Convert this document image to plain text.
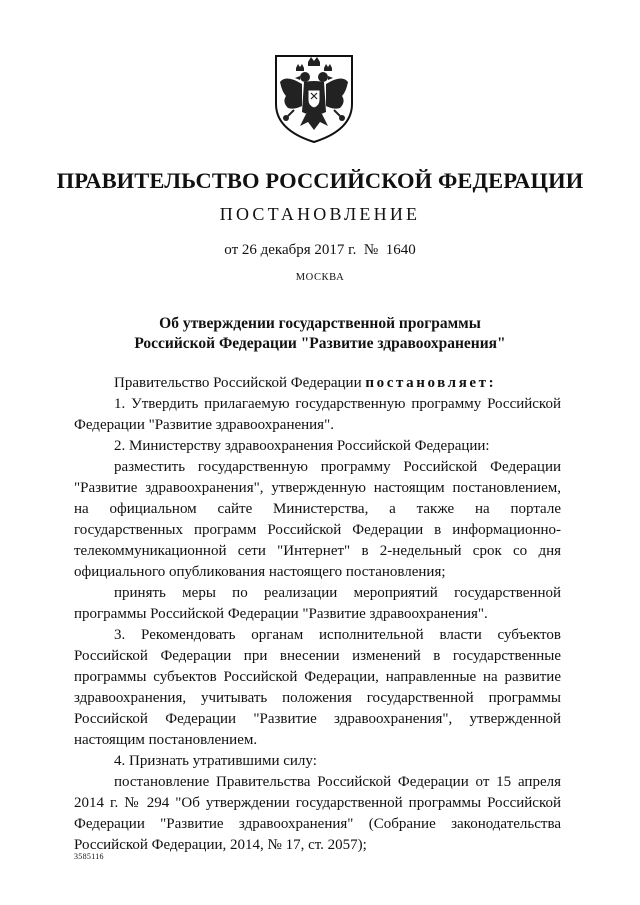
ПРАВИТЕЛЬСТВО РОССИЙСКОЙ ФЕДЕРАЦИИ
ПОСТАНОВЛЕНИЕ
от 26 декабря 2017 г.  №  1640
МОСКВА
Об утверждении государственной программы
Российской Федерации "Развитие здравоохранения"

Правительство Российской Федерации постановляет:

1. Утвердить прилагаемую государственную программу Российской
Федерации "Развитие здравоохранения".
2. Министерству здравоохранения Российской Федерации:
разместить государственную программу Российской Федерации
"Развитие здравоохранения", утвержденную настоящим постановлением,
на официальном сайте Министерства, а также на портале
государственных программ Российской Федерации в информационно-
телекоммуникационной сети "Интернет" в 2-недельный срок со дня
официального опубликования настоящего постановления;
принять меры по реализации мероприятий государственной
программы Российской Федерации "Развитие здравоохранения".
3. Рекомендовать органам исполнительной власти субъектов
Российской Федерации при внесении изменений в государственные
программы субъектов Российской Федерации, направленные на развитие
здравоохранения, учитывать положения государственной программы
Российской Федерации "Развитие здравоохранения", утвержденной
настоящим постановлением.
4. Признать утратившими силу:
постановление Правительства Российской Федерации от 15 апреля
2014 г. № 294 "Об утверждении государственной программы Российской
Федерации "Развитие здравоохранения" (Собрание законодательства
Российской Федерации, 2014, № 17, ст. 2057);
3585116
